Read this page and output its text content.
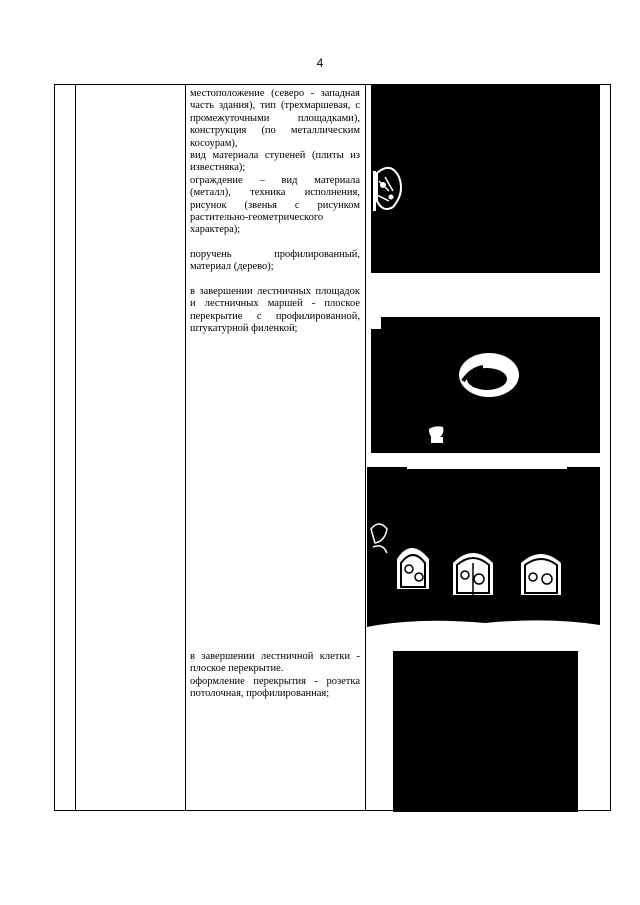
4

местоположение (северо - западная часть здания), тип (трехмаршевая, с промежуточными площадками), конструкция (по металлическим косоурам),

вид материала ступеней (плиты из известняка);

ограждение – вид материала (металл), техника исполнения, рисунок (звенья с рисунком растительно-геометрического характера);

поручень профилированный, материал (дерево);

в завершении лестничных площадок и лестничных маршей - плоское перекрытие с профилированной, штукатурной филенкой;

в завершении лестничной клетки - плоское перекрытие.

оформление перекрытия - розетка потолочная, профилированная;
